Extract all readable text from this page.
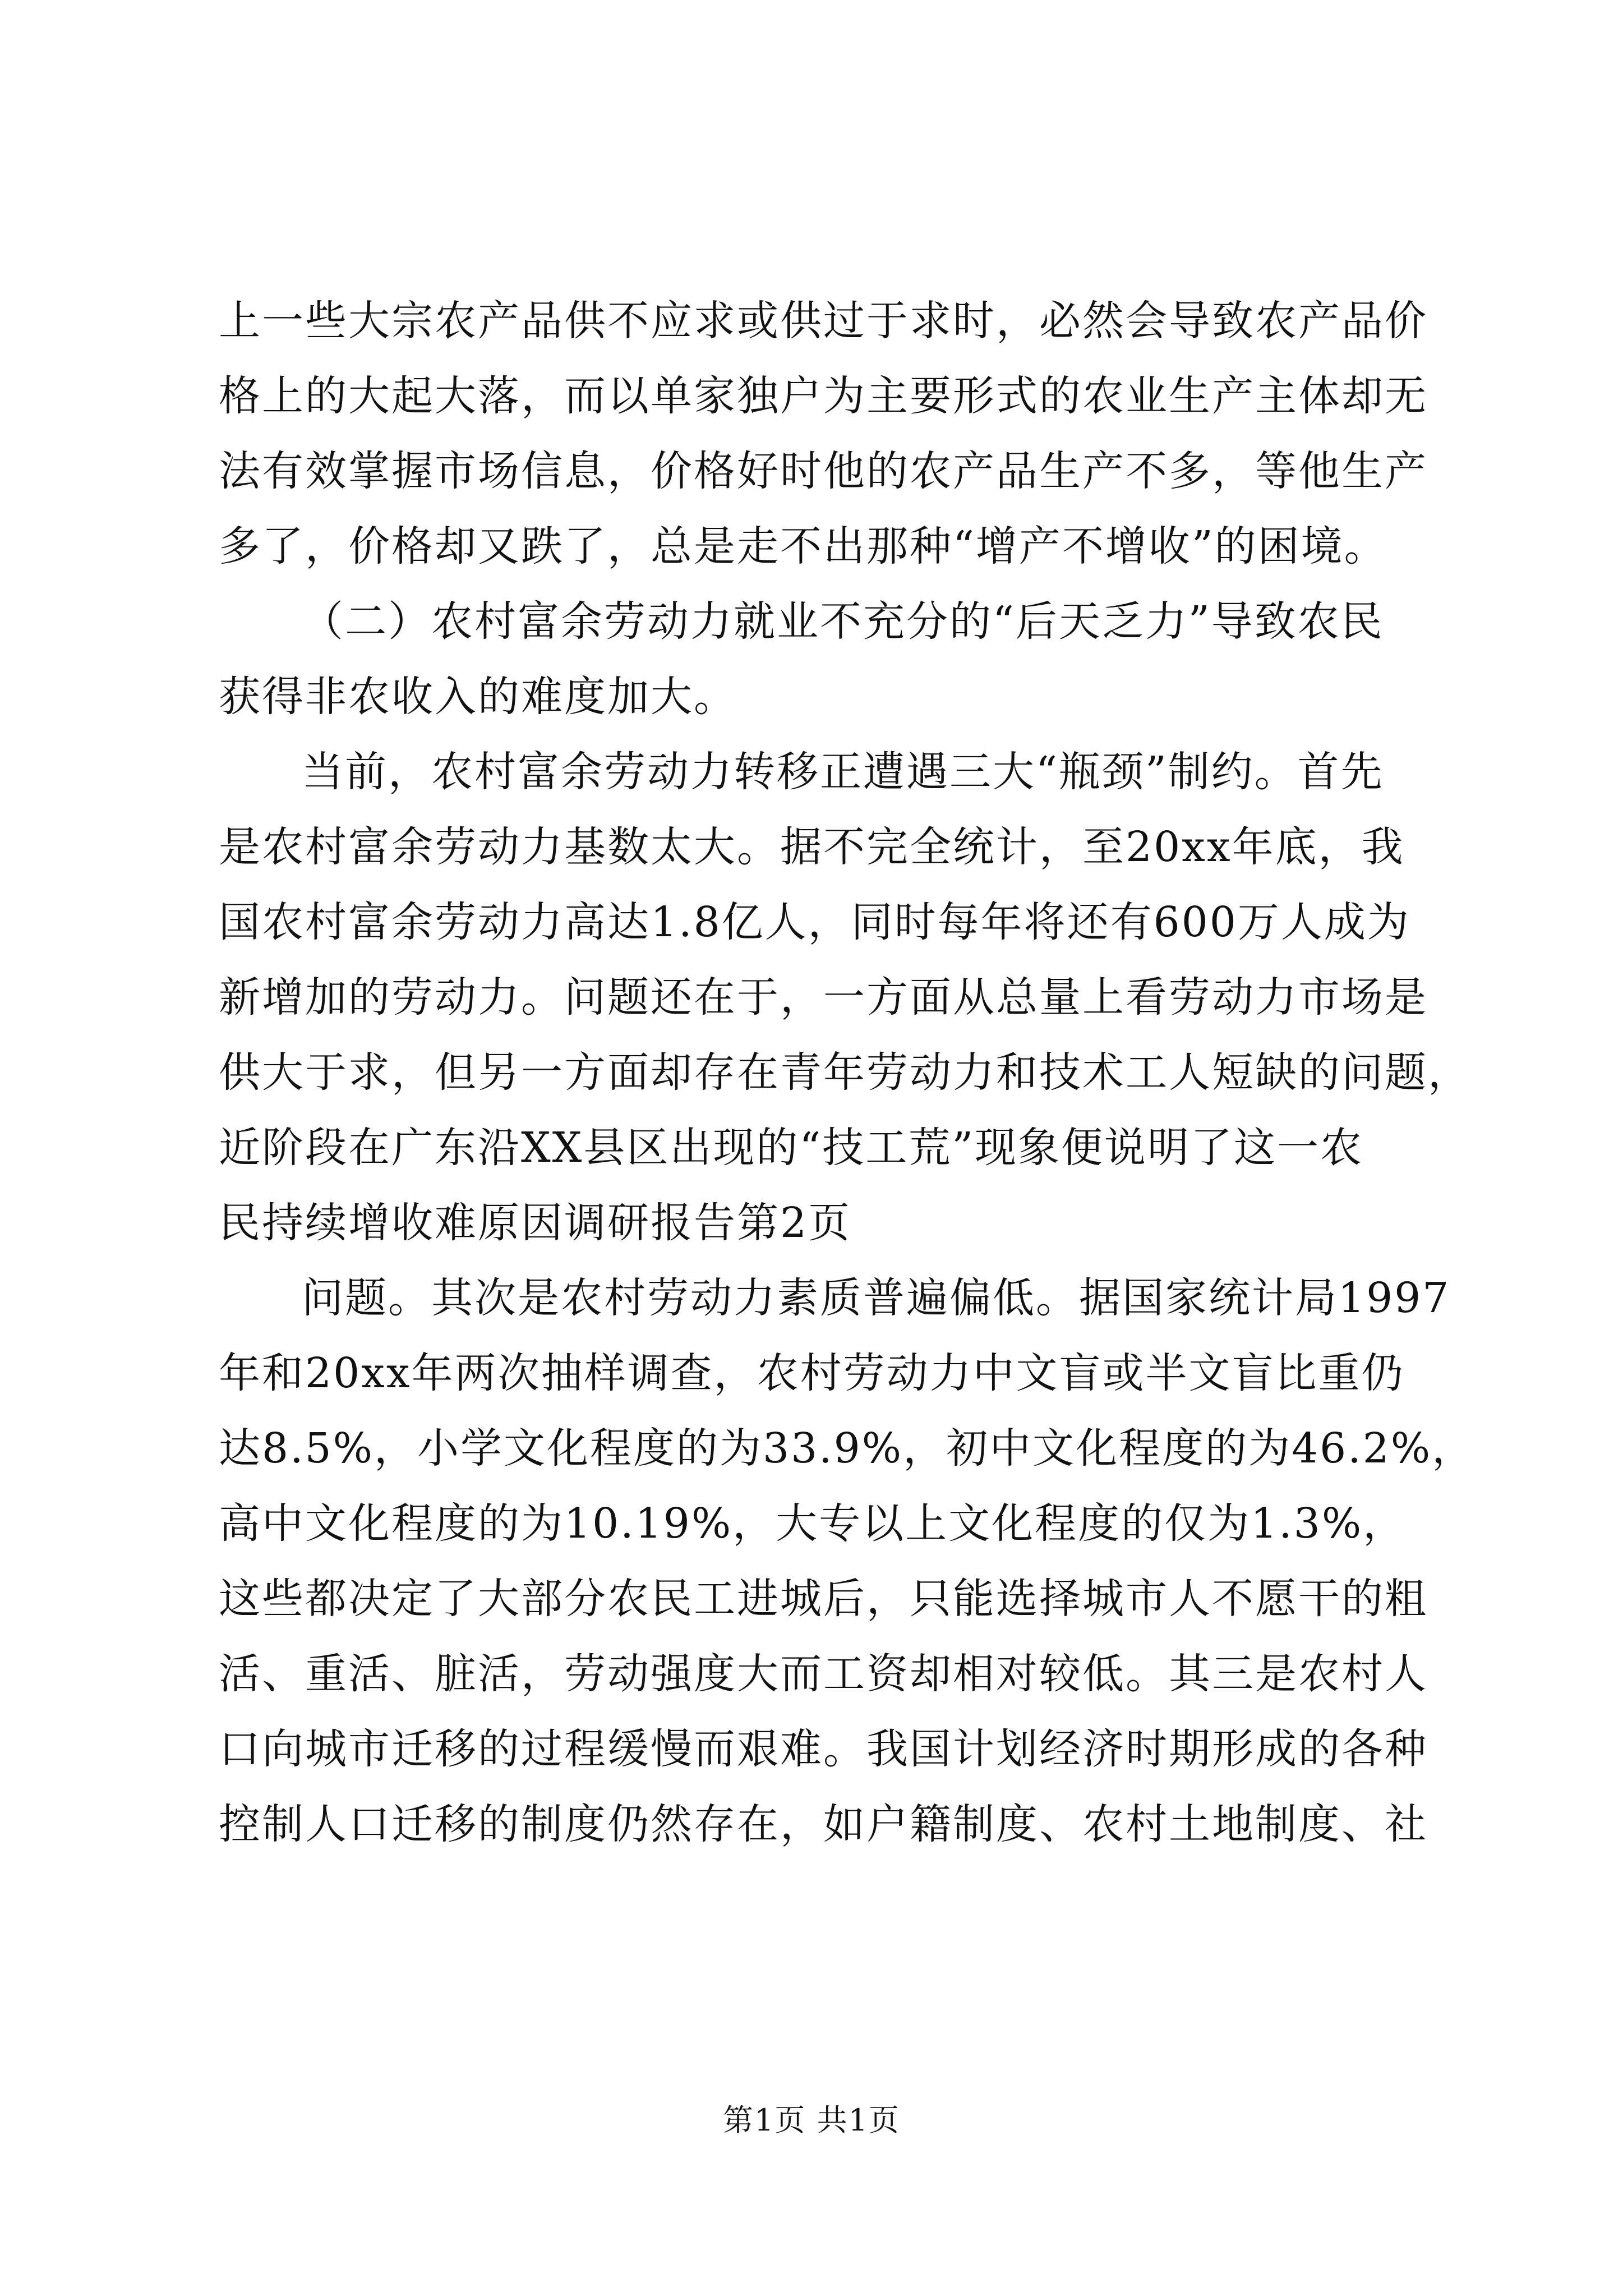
上一些大宗农产品供不应求或供过于求时，必然会导致农产品价
格上的大起大落，而以单家独户为主要形式的农业生产主体却无
法有效掌握市场信息，价格好时他的农产品生产不多，等他生产
多了，价格却又跌了，总是走不出那种“增产不增收”的困境。
（二）农村富余劳动力就业不充分的“后天乏力”导致农民
获得非农收入的难度加大。
当前，农村富余劳动力转移正遭遇三大“瓶颈”制约。首先
是农村富余劳动力基数太大。据不完全统计，至20xx年底，我
国农村富余劳动力高达1.8亿人，同时每年将还有600万人成为
新增加的劳动力。问题还在于，一方面从总量上看劳动力市场是
供大于求，但另一方面却存在青年劳动力和技术工人短缺的问题，
近阶段在广东沿XX县区出现的“技工荒”现象便说明了这一农
民持续增收难原因调研报告第2页
问题。其次是农村劳动力素质普遍偏低。据国家统计局1997
年和20xx年两次抽样调查，农村劳动力中文盲或半文盲比重仍
达8.5%，小学文化程度的为33.9%，初中文化程度的为46.2%，
高中文化程度的为10.19%，大专以上文化程度的仅为1.3%，
这些都决定了大部分农民工进城后，只能选择城市人不愿干的粗
活、重活、脏活，劳动强度大而工资却相对较低。其三是农村人
口向城市迁移的过程缓慢而艰难。我国计划经济时期形成的各种
控制人口迁移的制度仍然存在，如户籍制度、农村土地制度、社
第1页 共1页
